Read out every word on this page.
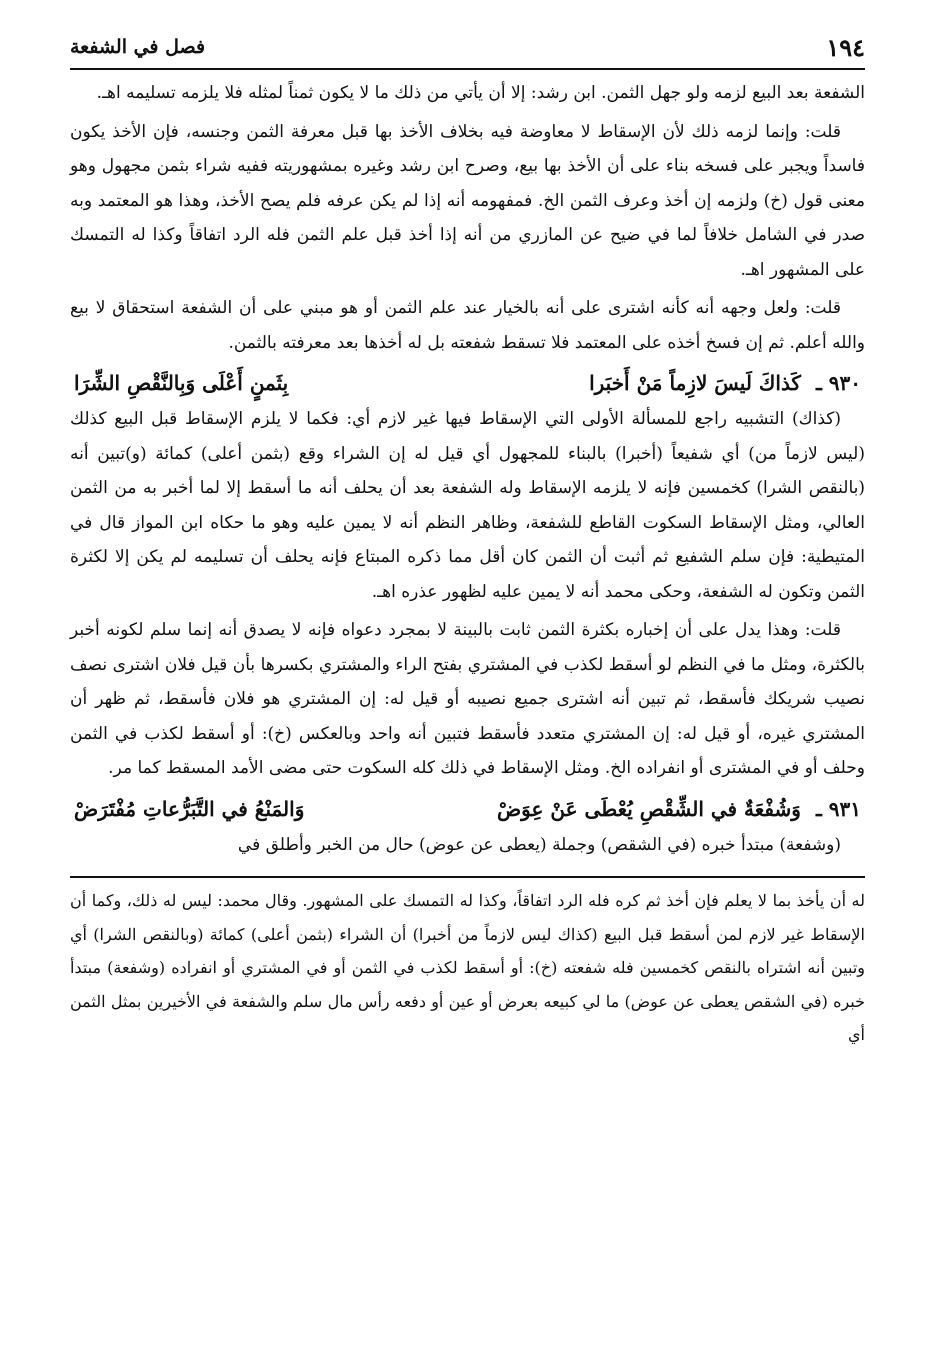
١٩٤
فصل في الشفعة

الشفعة بعد البيع لزمه ولو جهل الثمن. ابن رشد: إلا أن يأتي من ذلك ما لا يكون ثمناً لمثله فلا يلزمه تسليمه اهـ.

قلت: وإنما لزمه ذلك لأن الإسقاط لا معاوضة فيه بخلاف الأخذ بها قبل معرفة الثمن وجنسه، فإن الأخذ يكون فاسداً ويجبر على فسخه بناء على أن الأخذ بها بيع، وصرح ابن رشد وغيره بمشهوريته ففيه شراء بثمن مجهول وهو معنى قول (خ) ولزمه إن أخذ وعرف الثمن الخ. فمفهومه أنه إذا لم يكن عرفه فلم يصح الأخذ، وهذا هو المعتمد وبه صدر في الشامل خلافاً لما في ضيح عن المازري من أنه إذا أخذ قبل علم الثمن فله الرد اتفاقاً وكذا له التمسك على المشهور اهـ.

قلت: ولعل وجهه أنه كأنه اشترى على أنه بالخيار عند علم الثمن أو هو مبني على أن الشفعة استحقاق لا بيع والله أعلم. ثم إن فسخ أخذه على المعتمد فلا تسقط شفعته بل له أخذها بعد معرفته بالثمن.

٩٣٠ ـ كَذاكَ لَيسَ لازِماً مَنْ أَخبَرا
بِثَمنٍ أَعْلَى وَبِالنَّقْصِ الشِّرَا

(كذاك) التشبيه راجع للمسألة الأولى التي الإسقاط فيها غير لازم أي: فكما لا يلزم الإسقاط قبل البيع كذلك (ليس لازماً من) أي شفيعاً (أخبرا) بالبناء للمجهول أي قيل له إن الشراء وقع (بثمن أعلى) كمائة (و)تبين أنه (بالنقص الشرا) كخمسين فإنه لا يلزمه الإسقاط وله الشفعة بعد أن يحلف أنه ما أسقط إلا لما أخبر به من الثمن العالي، ومثل الإسقاط السكوت القاطع للشفعة، وظاهر النظم أنه لا يمين عليه وهو ما حكاه ابن المواز قال في المتيطية: فإن سلم الشفيع ثم أثبت أن الثمن كان أقل مما ذكره المبتاع فإنه يحلف أن تسليمه لم يكن إلا لكثرة الثمن وتكون له الشفعة، وحكى محمد أنه لا يمين عليه لظهور عذره اهـ.

قلت: وهذا يدل على أن إخباره بكثرة الثمن ثابت بالبينة لا بمجرد دعواه فإنه لا يصدق أنه إنما سلم لكونه أخبر بالكثرة، ومثل ما في النظم لو أسقط لكذب في المشتري بفتح الراء والمشتري بكسرها بأن قيل فلان اشترى نصف نصيب شريكك فأسقط، ثم تبين أنه اشترى جميع نصيبه أو قيل له: إن المشتري هو فلان فأسقط، ثم ظهر أن المشتري غيره، أو قيل له: إن المشتري متعدد فأسقط فتبين أنه واحد وبالعكس (خ): أو أسقط لكذب في الثمن وحلف أو في المشترى أو انفراده الخ. ومثل الإسقاط في ذلك كله السكوت حتى مضى الأمد المسقط كما مر.

٩٣١ ـ وَشُفْعَةٌ في الشِّقْصِ يُعْطَى عَنْ عِوَضْ
وَالمَنْعُ في التَّبَرُّعاتِ مُفْتَرَضْ

(وشفعة) مبتدأ خبره (في الشقص) وجملة (يعطى عن عوض) حال من الخبر وأطلق في

له أن يأخذ بما لا يعلم فإن أخذ ثم كره فله الرد اتفاقاً، وكذا له التمسك على المشهور. وقال محمد: ليس له ذلك، وكما أن الإسقاط غير لازم لمن أسقط قبل البيع (كذاك ليس لازماً من أخبرا) أن الشراء (بثمن أعلى) كمائة (وبالنقص الشرا) أي وتبين أنه اشتراه بالنقص كخمسين فله شفعته (خ): أو أسقط لكذب في الثمن أو في المشتري أو انفراده (وشفعة) مبتدأ خبره (في الشقص يعطى عن عوض) ما لي كبيعه بعرض أو عين أو دفعه رأس مال سلم والشفعة في الأخيرين بمثل الثمن أي
